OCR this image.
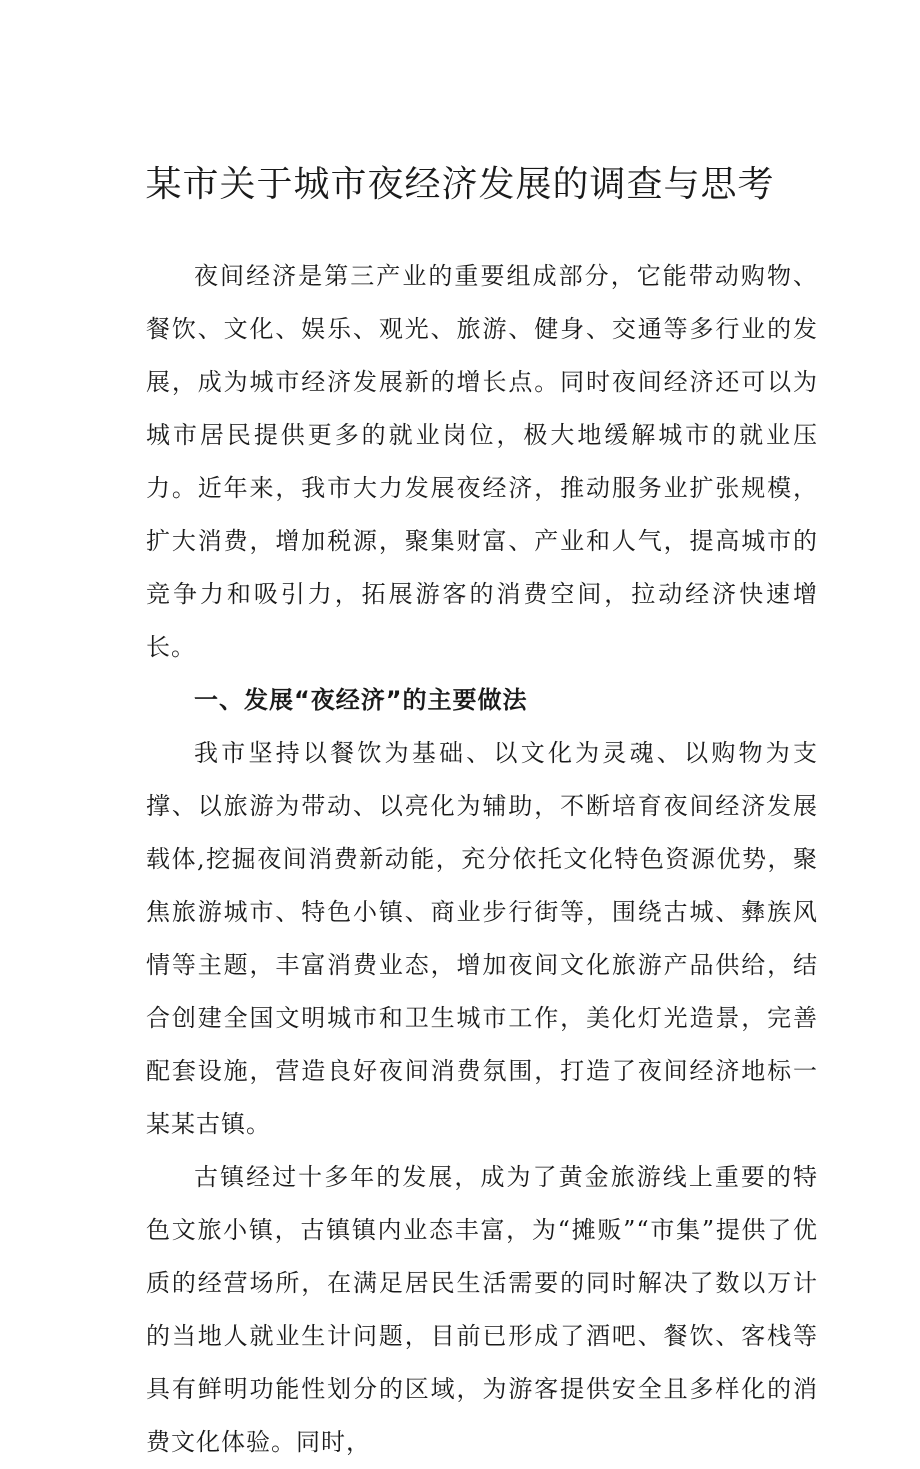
某市关于城市夜经济发展的调查与思考

夜间经济是第三产业的重要组成部分，它能带动购物、餐饮、文化、娱乐、观光、旅游、健身、交通等多行业的发展，成为城市经济发展新的增长点。同时夜间经济还可以为城市居民提供更多的就业岗位，极大地缓解城市的就业压力。近年来，我市大力发展夜经济，推动服务业扩张规模，扩大消费，增加税源，聚集财富、产业和人气，提高城市的竞争力和吸引力，拓展游客的消费空间，拉动经济快速增长。

一、发展“夜经济”的主要做法

我市坚持以餐饮为基础、以文化为灵魂、以购物为支撑、以旅游为带动、以亮化为辅助，不断培育夜间经济发展载体,挖掘夜间消费新动能，充分依托文化特色资源优势，聚焦旅游城市、特色小镇、商业步行街等，围绕古城、彝族风情等主题，丰富消费业态，增加夜间文化旅游产品供给，结合创建全国文明城市和卫生城市工作，美化灯光造景，完善配套设施，营造良好夜间消费氛围，打造了夜间经济地标一某某古镇。

古镇经过十多年的发展，成为了黄金旅游线上重要的特色文旅小镇，古镇镇内业态丰富，为“摊贩”“市集”提供了优质的经营场所，在满足居民生活需要的同时解决了数以万计的当地人就业生计问题，目前已形成了酒吧、餐饮、客栈等具有鲜明功能性划分的区域，为游客提供安全且多样化的消费文化体验。同时，
